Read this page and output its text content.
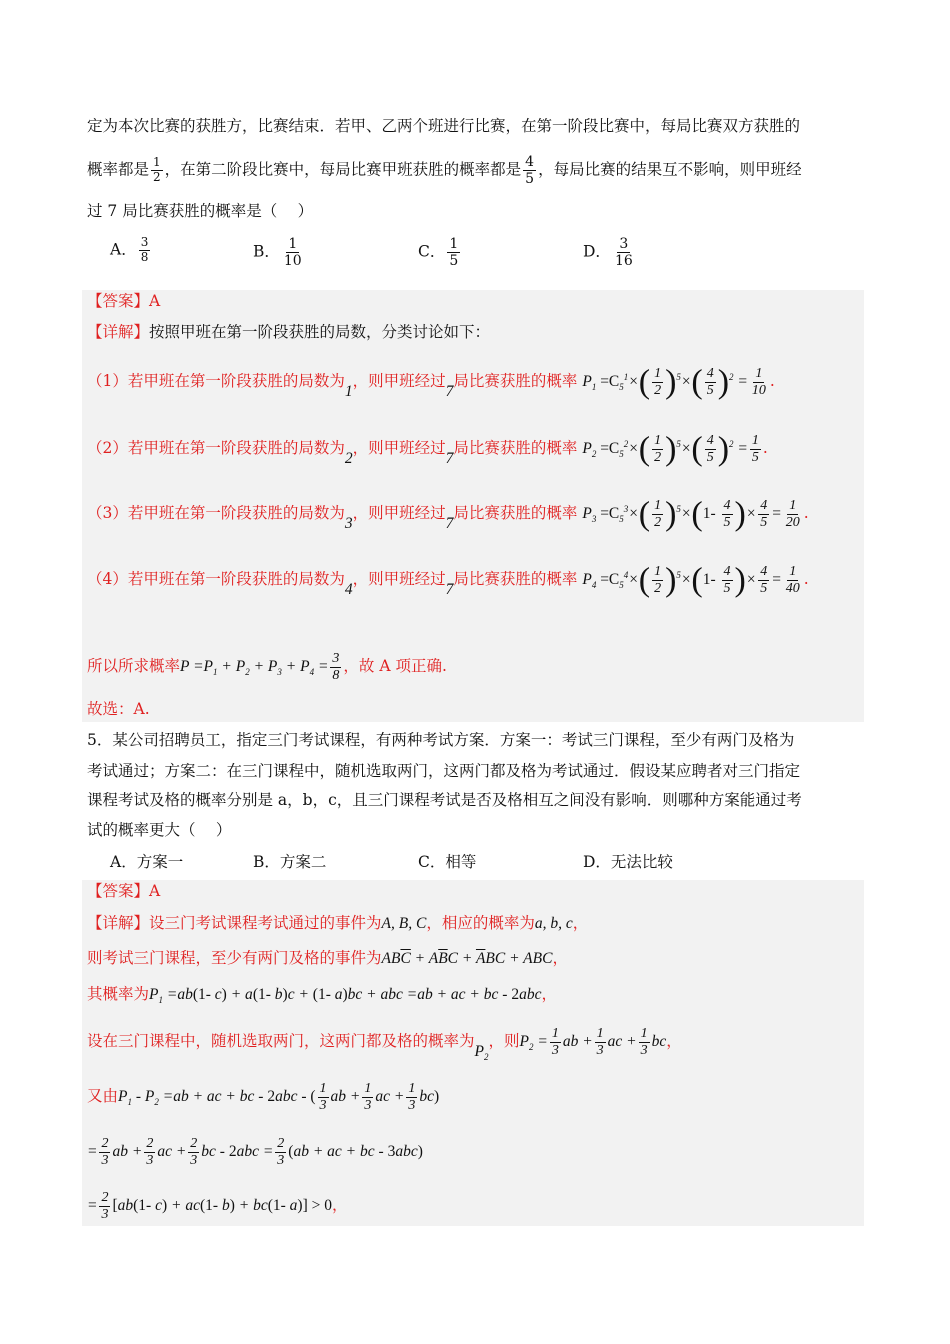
定为本次比赛的获胜方，比赛结束．若甲、乙两个班进行比赛，在第一阶段比赛中，每局比赛双方获胜的
概率都是 $\frac{1}{2}$ ，在第二阶段比赛中，每局比赛甲班获胜的概率都是 $\frac{4}{5}$ ，每局比赛的结果互不影响，则甲班经
过 7 局比赛获胜的概率是（　 ）
A． $\frac{3}{8}$	B． $\frac{1}{10}$	C． $\frac{1}{5}$	D． $\frac{3}{16}$
【答案】A
【详解】按照甲班在第一阶段获胜的局数，分类讨论如下：
（1）若甲班在第一阶段获胜的局数为1，则甲班经过7局比赛获胜的概率 $P_1 =C_5^1\times( \frac{1}{2} )^5\times( \frac{4}{5} )^2 = \frac{1}{10}$ .
（2）若甲班在第一阶段获胜的局数为2，则甲班经过7局比赛获胜的概率 $P_2 =C_5^2\times( \frac{1}{2} )^5\times( \frac{4}{5} )^2 = \frac{1}{5}$ .
（3）若甲班在第一阶段获胜的局数为3，则甲班经过7局比赛获胜的概率 $P_3 =C_5^3\times( \frac{1}{2} )^5\times(1- \frac{4}{5}$ )× $\frac{4}{5} = \frac{1}{20}$ .
（4）若甲班在第一阶段获胜的局数为4，则甲班经过7局比赛获胜的概率 $P_4 =C_5^4\times( \frac{1}{2} )^5\times(1- \frac{4}{5}$ )× $\frac{4}{5} = \frac{1}{40}$ .
所以所求概率$P =P_1 + P_2 + P_3 + P_4 = \frac{3}{8}$ ，故 A 项正确.
故选：A.
5．某公司招聘员工，指定三门考试课程，有两种考试方案．方案一：考试三门课程，至少有两门及格为
考试通过；方案二：在三门课程中，随机选取两门，这两门都及格为考试通过．假设某应聘者对三门指定
课程考试及格的概率分别是 a，b，c，且三门课程考试是否及格相互之间没有影响．则哪种方案能通过考
试的概率更大（　 ）
A．方案一	B．方案二	C．相等	D．无法比较
【答案】A
【详解】设三门考试课程考试通过的事件为A, B, C，相应的概率为a, b, c，
则考试三门课程，至少有两门及格的事件为$AB\overline{C} + A\overline{B}C + \overline{A}BC$ + ABC，
其概率为$P_1 =ab(1-$ c) + a(1- b)c + (1- a)bc + abc =ab + ac + bc - 2abc，
设在三门课程中，随机选取两门，这两门都及格的概率为$P_2$，则$P_2 = \frac{1}{3}$ ab + $\frac{1}{3}$ ac + $\frac{1}{3}$ bc，
又由$P_1 - P_2 =ab$ + ac + bc - 2abc - ( $\frac{1}{3}$ ab + $\frac{1}{3}$ ac + $\frac{1}{3} bc$)
= $\frac{2}{3}$ ab + $\frac{2}{3}$ ac + $\frac{2}{3}$ bc - $2abc = \frac{2}{3} (ab$ + ac + bc - 3abc)
= $\frac{2}{3} [ab(1-$ c) + ac(1- b) + bc(1- a)] > 0，
